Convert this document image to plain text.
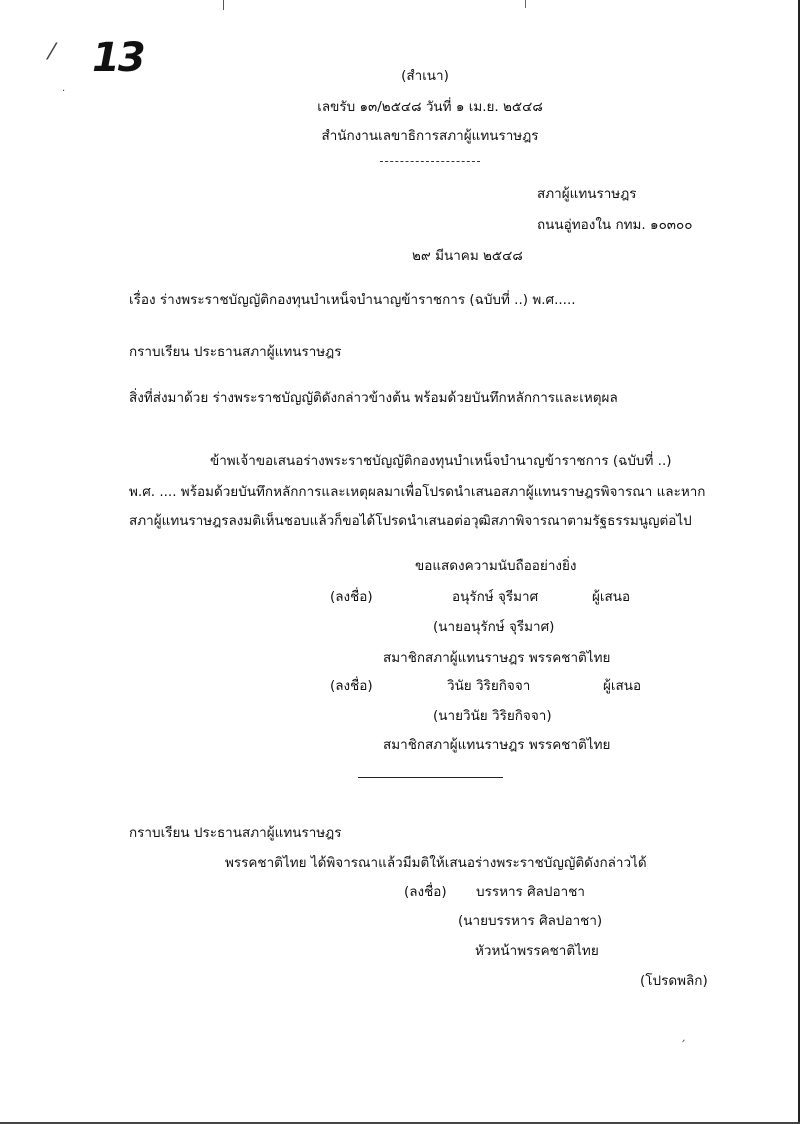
13
⁄
·
ˏ
(สำเนา)
เลขรับ ๑๓/๒๕๔๘ วันที่ ๑ เม.ย. ๒๕๔๘
สำนักงานเลขาธิการสภาผู้แทนราษฎร
สภาผู้แทนราษฎร
ถนนอู่ทองใน กทม. ๑๐๓๐๐
๒๙ มีนาคม ๒๕๔๘
เรื่อง ร่างพระราชบัญญัติกองทุนบำเหน็จบำนาญข้าราชการ (ฉบับที่ ..) พ.ศ.....
กราบเรียน ประธานสภาผู้แทนราษฎร
สิ่งที่ส่งมาด้วย ร่างพระราชบัญญัติดังกล่าวข้างต้น พร้อมด้วยบันทึกหลักการและเหตุผล
ข้าพเจ้าขอเสนอร่างพระราชบัญญัติกองทุนบำเหน็จบำนาญข้าราชการ (ฉบับที่ ..)
พ.ศ. .... พร้อมด้วยบันทึกหลักการและเหตุผลมาเพื่อโปรดนำเสนอสภาผู้แทนราษฎรพิจารณา และหาก
สภาผู้แทนราษฎรลงมติเห็นชอบแล้วก็ขอได้โปรดนำเสนอต่อวุฒิสภาพิจารณาตามรัฐธรรมนูญต่อไป
ขอแสดงความนับถืออย่างยิ่ง
(ลงชื่อ)	อนุรักษ์ จุรีมาศ	ผู้เสนอ
(นายอนุรักษ์ จุรีมาศ)
สมาชิกสภาผู้แทนราษฎร พรรคชาติไทย
(ลงชื่อ)	วินัย วิริยกิจจา	ผู้เสนอ
(นายวินัย วิริยกิจจา)
สมาชิกสภาผู้แทนราษฎร พรรคชาติไทย
กราบเรียน ประธานสภาผู้แทนราษฎร
พรรคชาติไทย ได้พิจารณาแล้วมีมติให้เสนอร่างพระราชบัญญัติดังกล่าวได้
(ลงชื่อ) บรรหาร ศิลปอาชา
(นายบรรหาร ศิลปอาชา)
หัวหน้าพรรคชาติไทย
(โปรดพลิก)
